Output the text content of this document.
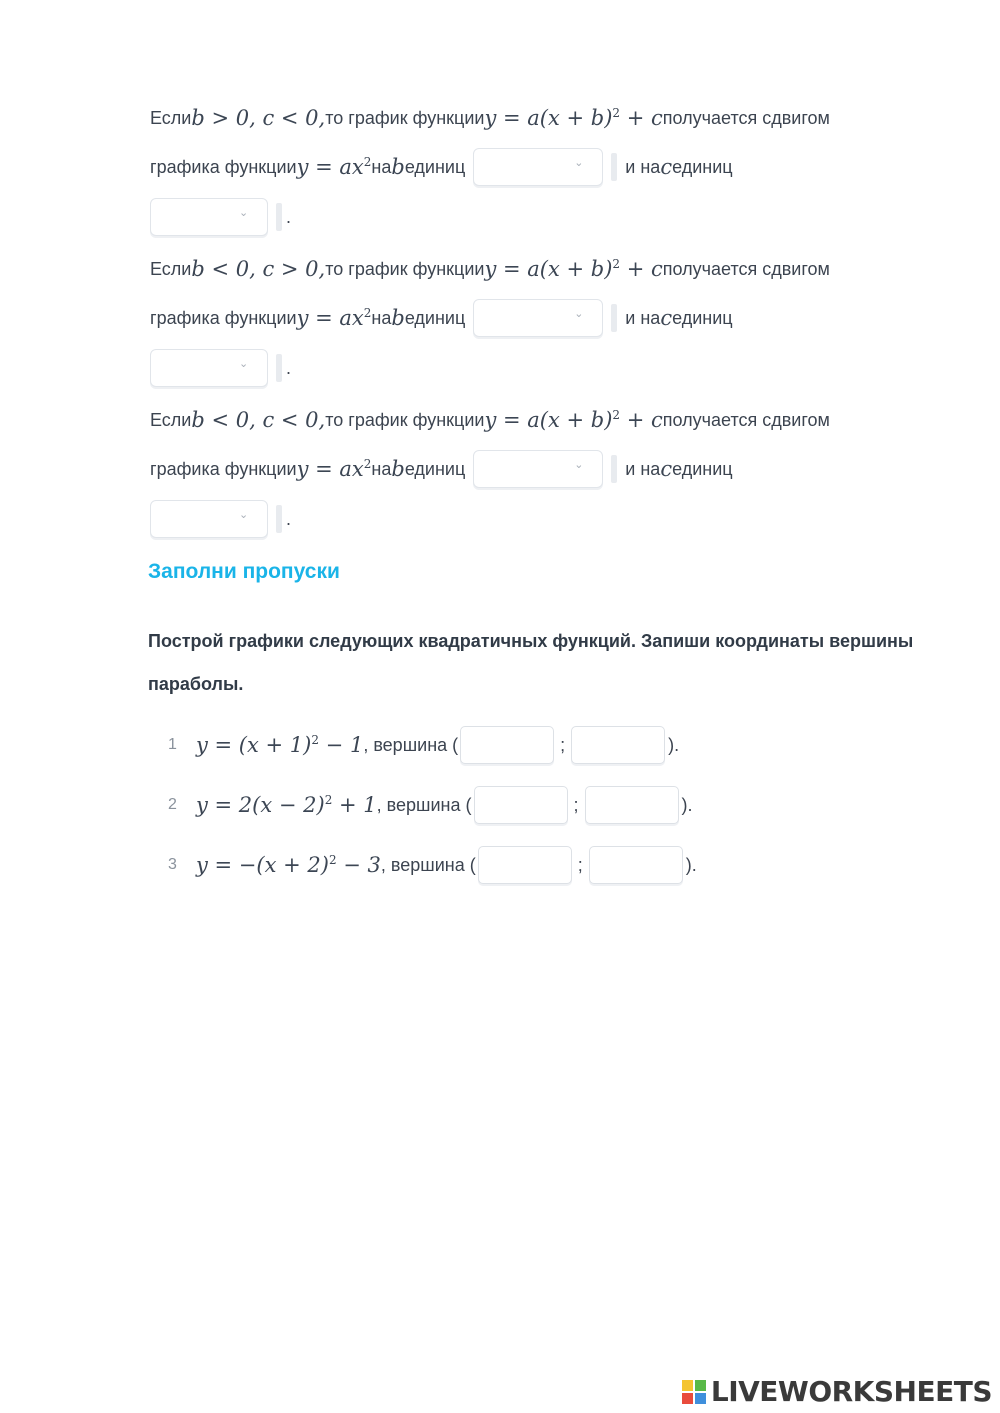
Если b > 0, c < 0, то график функции $y = a(x + b)^2 + c$ получается сдвигом
графика функции $y = ax^2$ на b единиц	⌄ и на c единиц
⌄ .
Если b < 0, c > 0, то график функции $y = a(x + b)^2 + c$ получается сдвигом
графика функции $y = ax^2$ на b единиц	⌄ и на c единиц
⌄ .
Если b < 0, c < 0, то график функции $y = a(x + b)^2 + c$ получается сдвигом
графика функции $y = ax^2$ на b единиц	⌄ и на c единиц
⌄ .
Заполни пропуски
Построй графики следующих квадратичных функций. Запиши координаты вершины параболы.
1 $y = (x + 1)^2 - 1$ , вершина (	;	).
2 $y = 2(x - 2)^2 + 1$ , вершина (	;	).
3 $y = -(x + 2)^2 - 3$ , вершина (	;	).
LIVEWORKSHEETS
